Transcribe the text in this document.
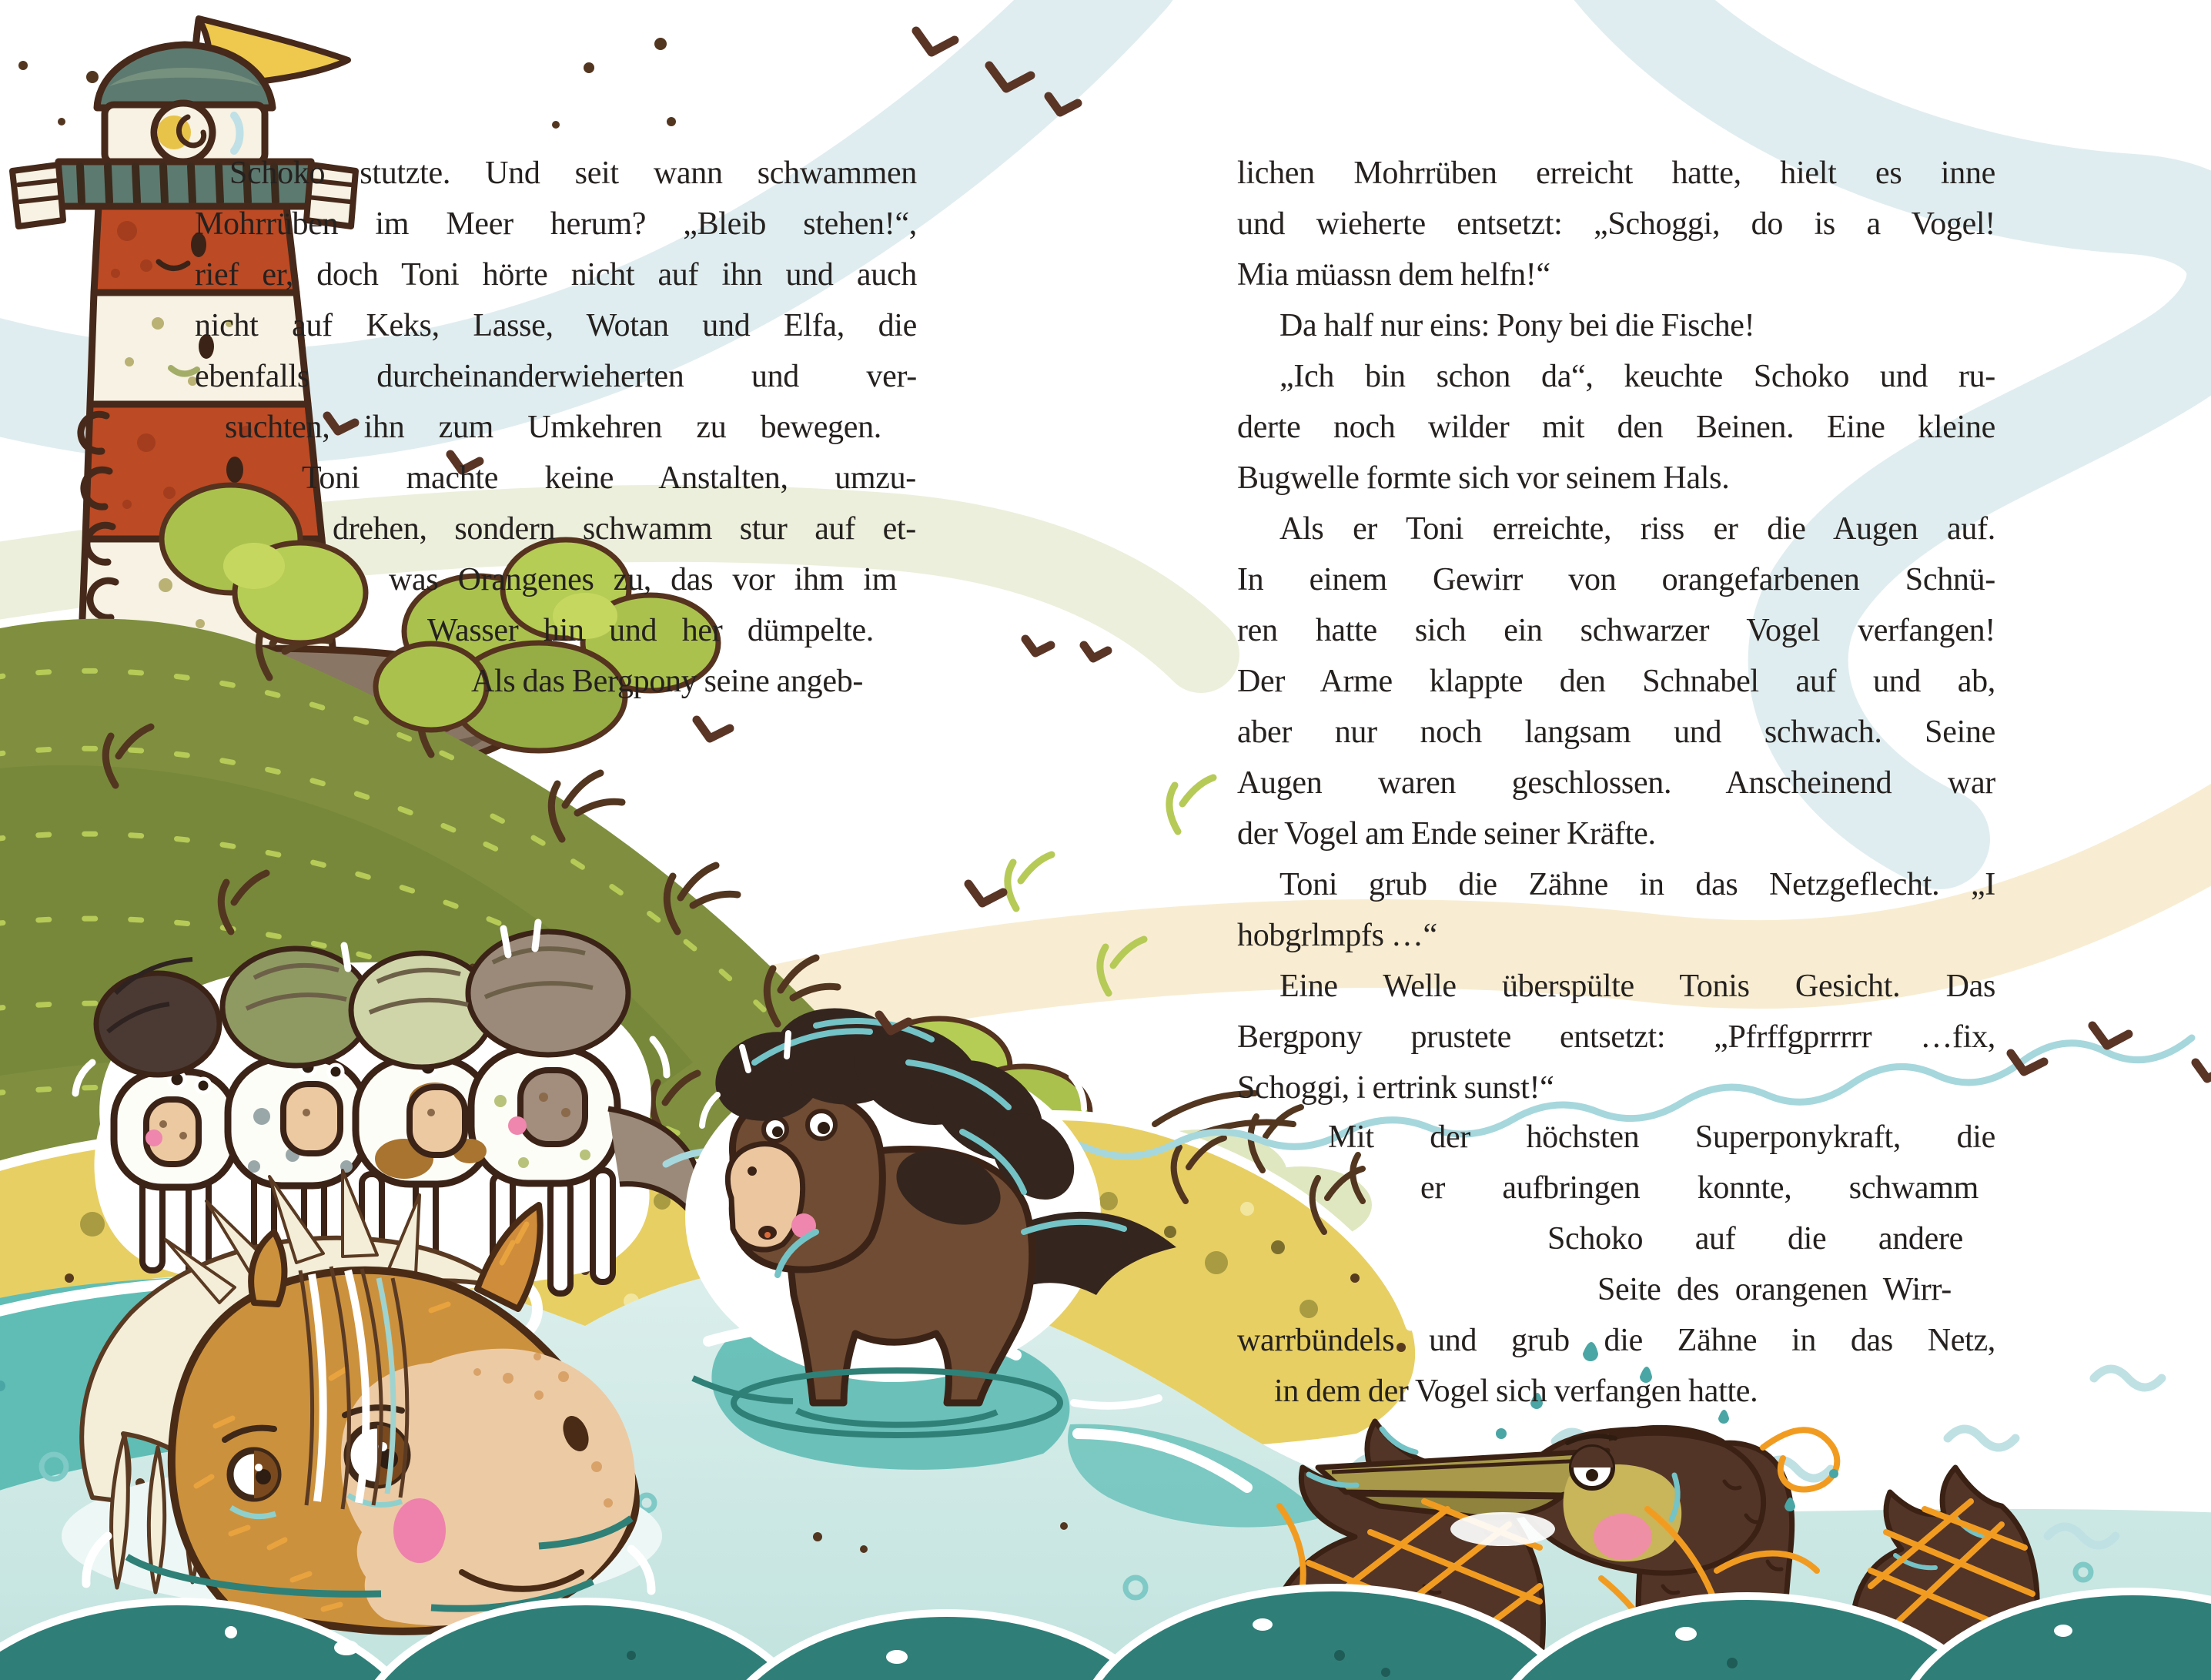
Schoko stutzte. Und seit wann schwammen
Mohrrüben im Meer herum? „Bleib stehen!“,
rief er, doch Toni hörte nicht auf ihn und auch
nicht auf Keks, Lasse, Wotan und Elfa, die
ebenfalls durcheinanderwieherten und ver-
suchten, ihn zum Umkehren zu bewegen.
Toni machte keine Anstalten, umzu-
drehen, sondern schwamm stur auf et-
was Orangenes zu, das vor ihm im
Wasser hin und her dümpelte.
Als das Bergpony seine angeb-
lichen Mohrrüben erreicht hatte, hielt es inne
und wieherte entsetzt: „Schoggi, do is a Vogel!
Mia müassn dem helfn!“
Da half nur eins: Pony bei die Fische!
„Ich bin schon da“, keuchte Schoko und ru-
derte noch wilder mit den Beinen. Eine kleine
Bugwelle formte sich vor seinem Hals.
Als er Toni erreichte, riss er die Augen auf.
In einem Gewirr von orangefarbenen Schnü-
ren hatte sich ein schwarzer Vogel verfangen!
Der Arme klappte den Schnabel auf und ab,
aber nur noch langsam und schwach. Seine
Augen waren geschlossen. Anscheinend war
der Vogel am Ende seiner Kräfte.
Toni grub die Zähne in das Netzgeflecht. „I
hobgrlmpfs …“
Eine Welle überspülte Tonis Gesicht. Das
Bergpony prustete entsetzt: „Pfrffgprrrrr …fix,
Schoggi, i ertrink sunst!“
Mit der höchsten Superponykraft, die
er aufbringen konnte, schwamm
Schoko auf die andere
Seite des orangenen Wirr-
warrbündels und grub die Zähne in das Netz,
in dem der Vogel sich verfangen hatte.
